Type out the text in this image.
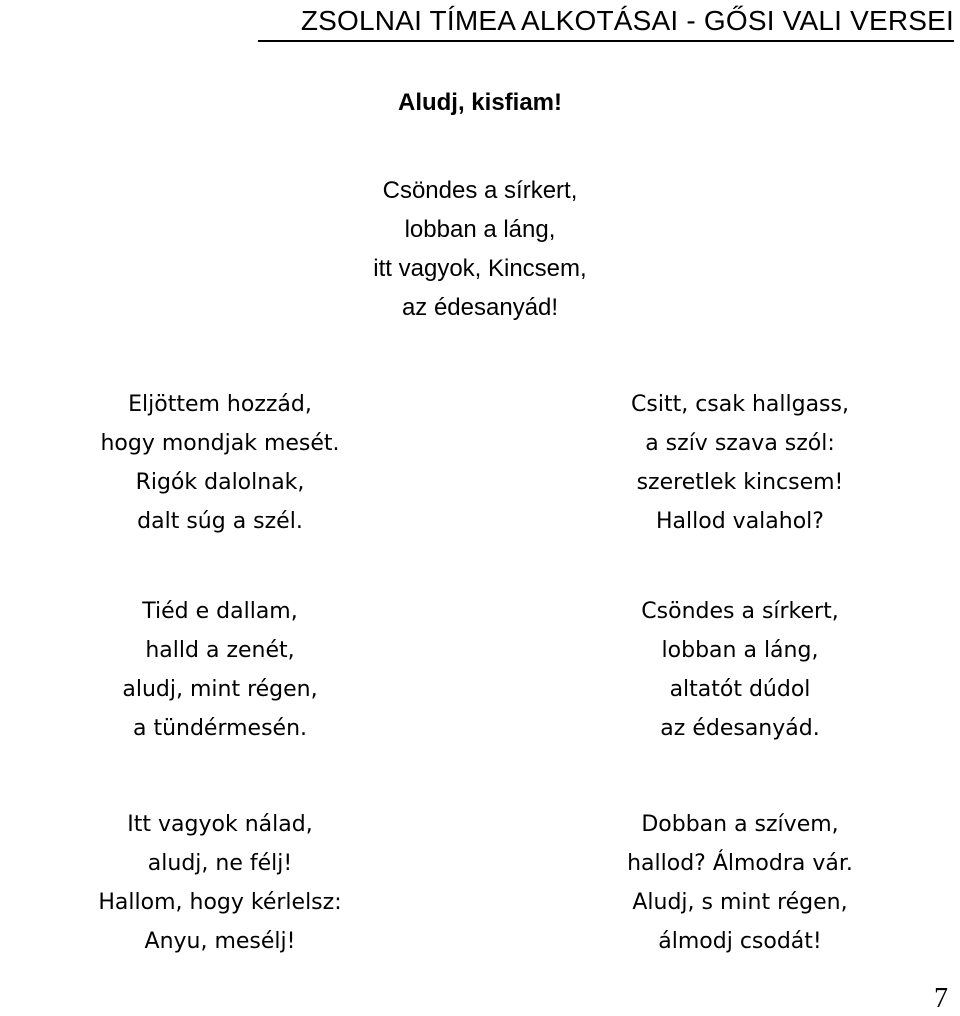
ZSOLNAI TÍMEA ALKOTÁSAI - GŐSI VALI VERSEI
Aludj, kisfiam!
Csöndes a sírkert,
lobban a láng,
itt vagyok, Kincsem,
az édesanyád!
Eljöttem hozzád,
hogy mondjak mesét.
Rigók dalolnak,
dalt súg a szél.
Tiéd e dallam,
halld a zenét,
aludj, mint régen,
a tündérmesén.
Itt vagyok nálad,
aludj, ne félj!
Hallom, hogy kérlelsz:
Anyu, mesélj!
Csitt, csak hallgass,
a szív szava szól:
szeretlek kincsem!
Hallod valahol?
Csöndes a sírkert,
lobban a láng,
altatót dúdol
az édesanyád.
Dobban a szívem,
hallod? Álmodra vár.
Aludj, s mint régen,
álmodj csodát!
7
